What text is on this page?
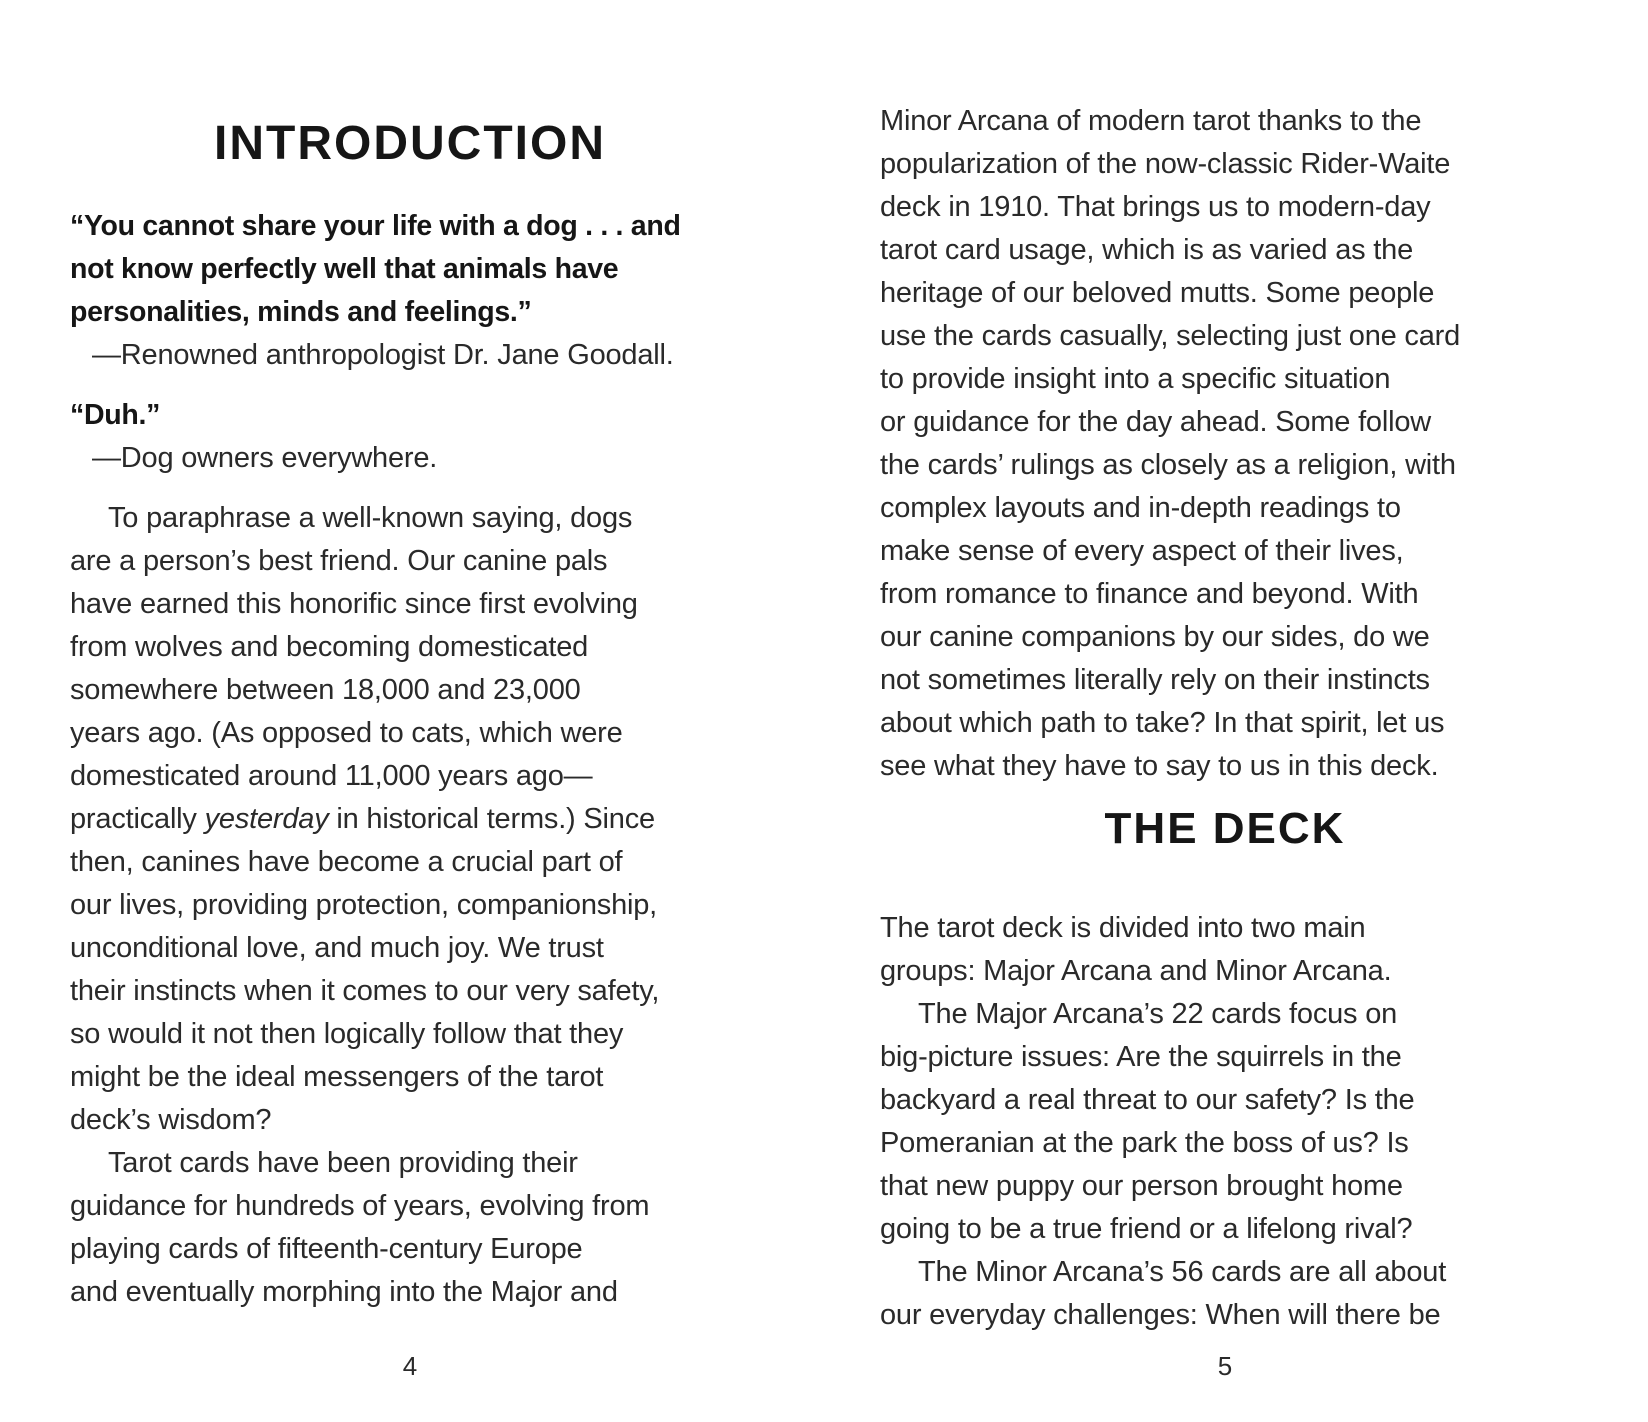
INTRODUCTION
“You cannot share your life with a dog . . . and
not know perfectly well that animals have
personalities, minds and feelings.”
—Renowned anthropologist Dr. Jane Goodall.
“Duh.”
—Dog owners everywhere.
To paraphrase a well-known saying, dogs
are a person’s best friend. Our canine pals
have earned this honorific since first evolving
from wolves and becoming domesticated
somewhere between 18,000 and 23,000
years ago. (As opposed to cats, which were
domesticated around 11,000 years ago—
practically yesterday in historical terms.) Since
then, canines have become a crucial part of
our lives, providing protection, companionship,
unconditional love, and much joy. We trust
their instincts when it comes to our very safety,
so would it not then logically follow that they
might be the ideal messengers of the tarot
deck’s wisdom?
Tarot cards have been providing their
guidance for hundreds of years, evolving from
playing cards of fifteenth-century Europe
and eventually morphing into the Major and
4
Minor Arcana of modern tarot thanks to the
popularization of the now-classic Rider-Waite
deck in 1910. That brings us to modern-day
tarot card usage, which is as varied as the
heritage of our beloved mutts. Some people
use the cards casually, selecting just one card
to provide insight into a specific situation
or guidance for the day ahead. Some follow
the cards’ rulings as closely as a religion, with
complex layouts and in-depth readings to
make sense of every aspect of their lives,
from romance to finance and beyond. With
our canine companions by our sides, do we
not sometimes literally rely on their instincts
about which path to take? In that spirit, let us
see what they have to say to us in this deck.
THE DECK
The tarot deck is divided into two main
groups: Major Arcana and Minor Arcana.
The Major Arcana’s 22 cards focus on
big-picture issues: Are the squirrels in the
backyard a real threat to our safety? Is the
Pomeranian at the park the boss of us? Is
that new puppy our person brought home
going to be a true friend or a lifelong rival?
The Minor Arcana’s 56 cards are all about
our everyday challenges: When will there be
5
